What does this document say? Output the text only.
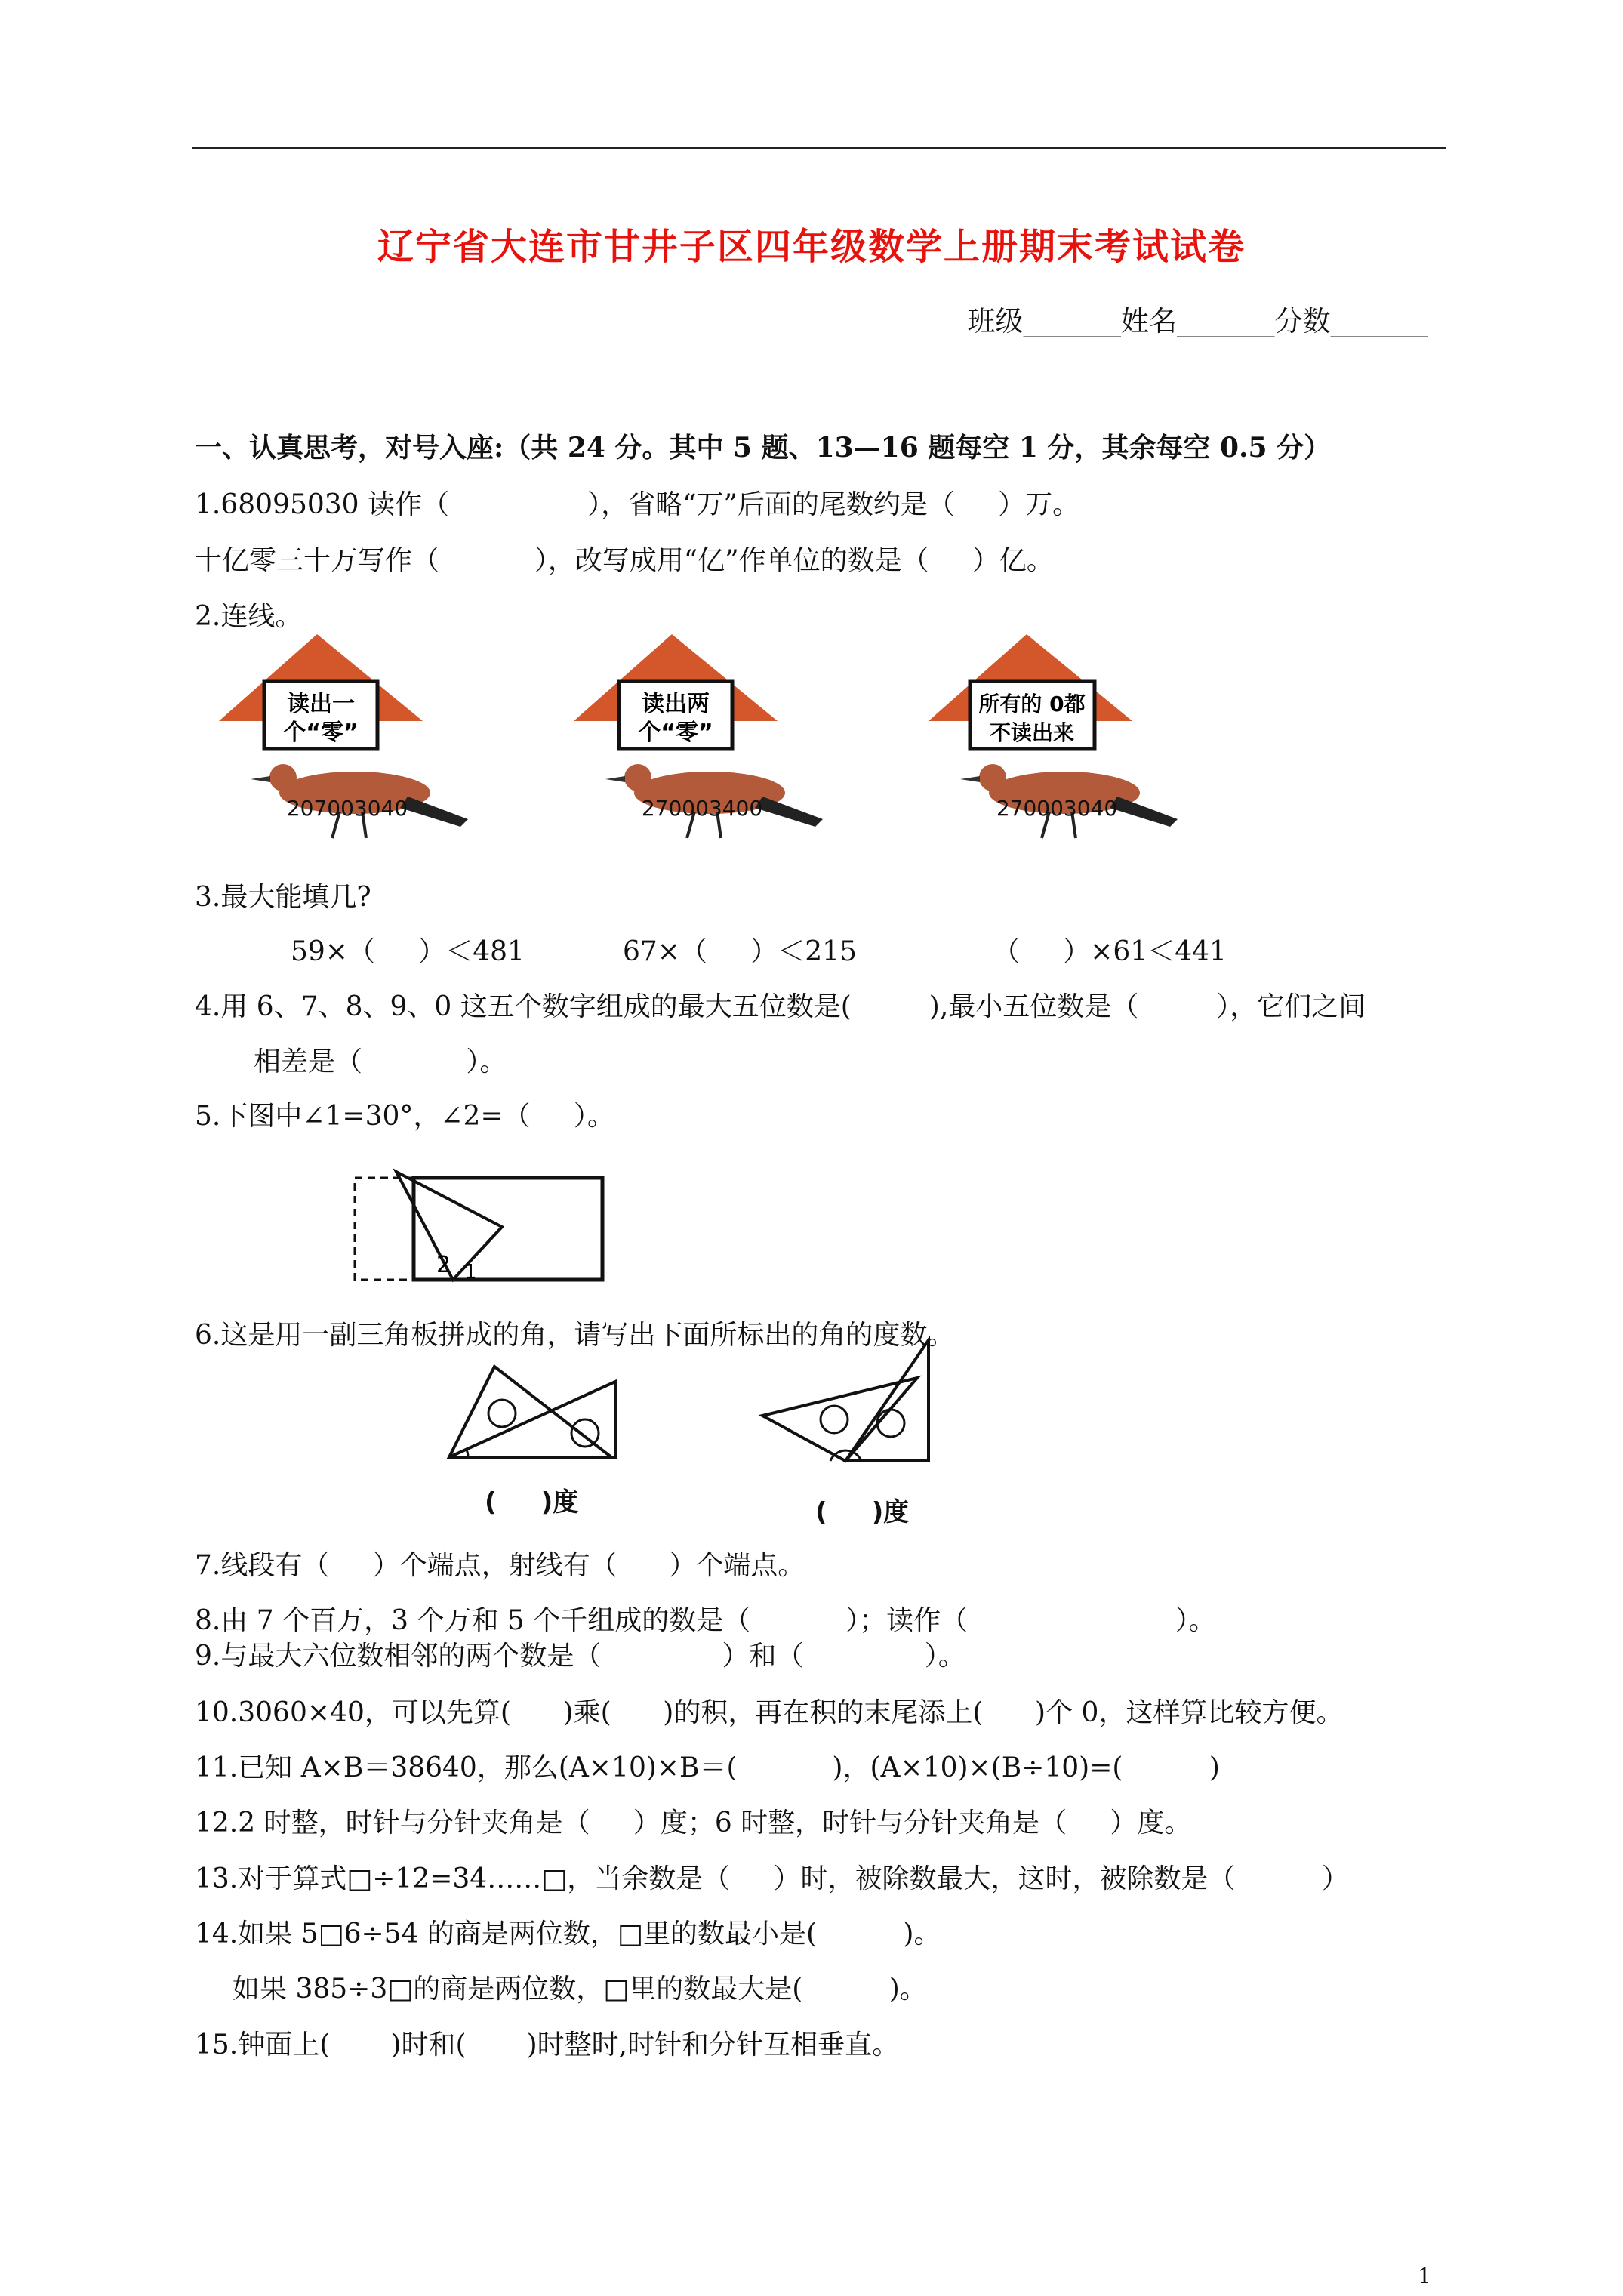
辽宁省大连市甘井子区四年级数学上册期末考试试卷
班级_______姓名_______分数_______
一、认真思考，对号入座:（共 24 分。其中 5 题、13—16 题每空 1 分，其余每空 0.5 分）
1.68095030 读作（                ），省略“万”后面的尾数约是（     ）万。
十亿零三十万写作（           ），改写成用“亿”作单位的数是（     ）亿。
2.连线。
读出一
个“零”
读出两
个“零”
所有的 0都
不读出来
207003040	270003400	270003040
3.最大能填几?
59×（     ）＜481	67×（     ）＜215	（     ）×61＜441
4.用 6、7、8、9、0 这五个数字组成的最大五位数是(         ),最小五位数是（         ），它们之间
相差是（            ）。
5.下图中∠1=30°，∠2=（     ）。
2 1
6.这是用一副三角板拼成的角，请写出下面所标出的角的度数。
(     )度	(     )度
7.线段有（     ）个端点，射线有（      ）个端点。
8.由 7 个百万，3 个万和 5 个千组成的数是（           ）；读作（                        ）。
9.与最大六位数相邻的两个数是（              ）和（              ）。
10.3060×40，可以先算(      )乘(      )的积，再在积的末尾添上(      )个 0，这样算比较方便。
11.已知 A×B＝38640，那么(A×10)×B＝(           )，(A×10)×(B÷10)=(          )
12.2 时整，时针与分针夹角是（     ）度；6 时整，时针与分针夹角是（     ）度。
13.对于算式□÷12=34……□，当余数是（     ）时，被除数最大，这时，被除数是（          ）
14.如果 5□6÷54 的商是两位数，□里的数最小是(          )。
如果 385÷3□的商是两位数，□里的数最大是(          )。
15.钟面上(       )时和(       )时整时,时针和分针互相垂直。
1
